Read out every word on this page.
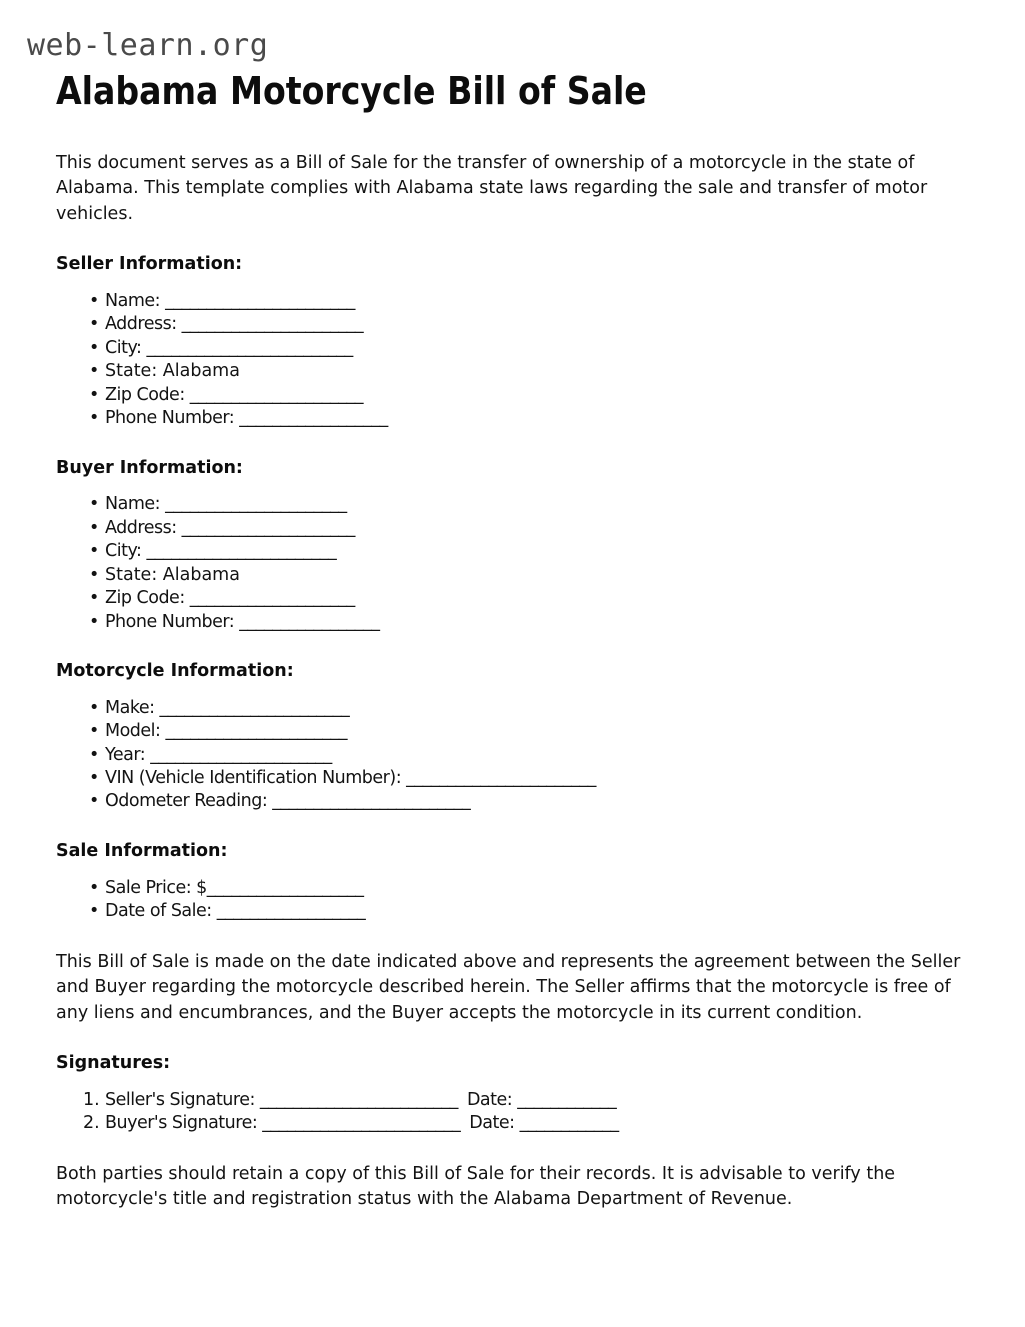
web-learn.org
Alabama Motorcycle Bill of Sale

This document serves as a Bill of Sale for the transfer of ownership of a motorcycle in the state of Alabama. This template complies with Alabama state laws regarding the sale and transfer of motor vehicles.

Seller Information:
• Name: _______________________
• Address: ______________________
• City: _________________________
• State: Alabama
• Zip Code: _____________________
• Phone Number: __________________
Buyer Information:
• Name: ______________________
• Address: _____________________
• City: _______________________
• State: Alabama
• Zip Code: ____________________
• Phone Number: _________________
Motorcycle Information:
• Make: _______________________
• Model: ______________________
• Year: ______________________
• VIN (Vehicle Identification Number): _______________________
• Odometer Reading: ________________________
Sale Information:
• Sale Price: $___________________
• Date of Sale: __________________

This Bill of Sale is made on the date indicated above and represents the agreement between the Seller and Buyer regarding the motorcycle described herein. The Seller affirms that the motorcycle is free of any liens and encumbrances, and the Buyer accepts the motorcycle in its current condition.

Signatures:
Seller's Signature: ________________________ Date: ____________
Buyer's Signature: ________________________ Date: ____________

Both parties should retain a copy of this Bill of Sale for their records. It is advisable to verify the motorcycle's title and registration status with the Alabama Department of Revenue.
